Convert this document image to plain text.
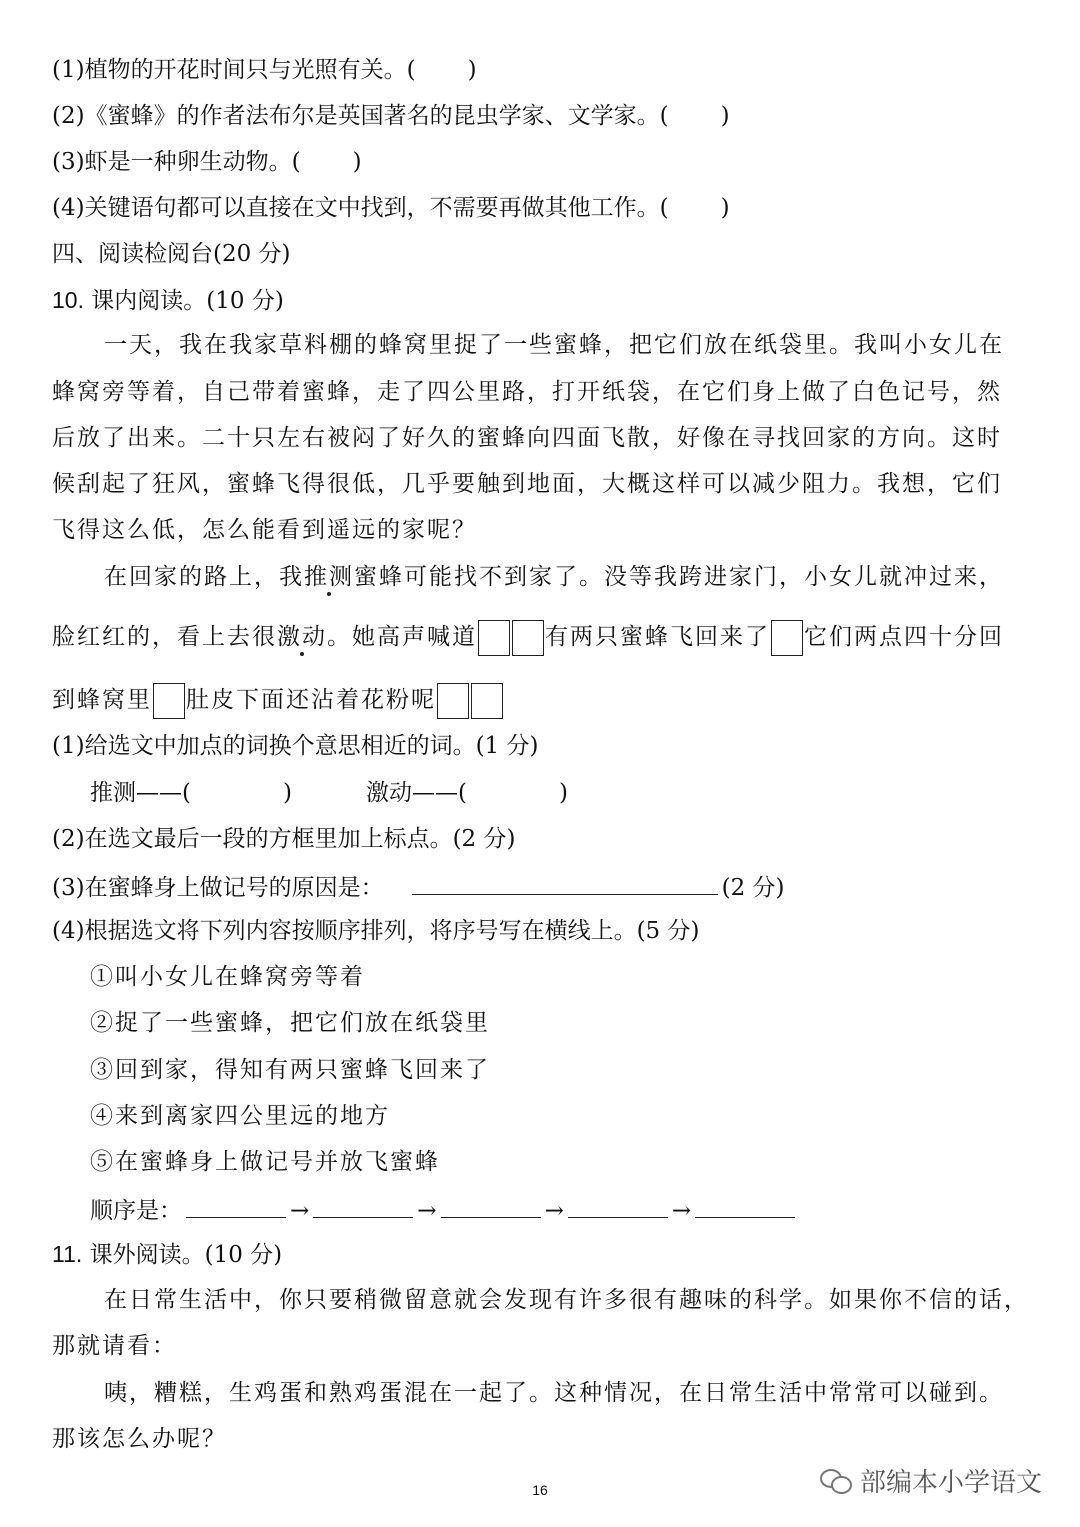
(1)植物的开花时间只与光照有关。( )
(2)《蜜蜂》的作者法布尔是英国著名的昆虫学家、文学家。( )
(3)虾是一种卵生动物。( )
(4)关键语句都可以直接在文中找到，不需要再做其他工作。( )
四、阅读检阅台(20 分)
10. 课内阅读。(10 分)
一天，我在我家草料棚的蜂窝里捉了一些蜜蜂，把它们放在纸袋里。我叫小女儿在
蜂窝旁等着，自己带着蜜蜂，走了四公里路，打开纸袋，在它们身上做了白色记号，然
后放了出来。二十只左右被闷了好久的蜜蜂向四面飞散，好像在寻找回家的方向。这时
候刮起了狂风，蜜蜂飞得很低，几乎要触到地面，大概这样可以减少阻力。我想，它们
飞得这么低，怎么能看到遥远的家呢？
在回家的路上，我推测蜜蜂可能找不到家了。没等我跨进家门，小女儿就冲过来，
脸红红的，看上去很激动。她高声喊道	有两只蜜蜂飞回来了 它们两点四十分回
到蜂窝里 肚皮下面还沾着花粉呢
(1)给选文中加点的词换个意思相近的词。(1 分)
推测——(	)	激动——(	)
(2)在选文最后一段的方框里加上标点。(2 分)
(3)在蜜蜂身上做记号的原因是：	(2 分)
(4)根据选文将下列内容按顺序排列，将序号写在横线上。(5 分)
①叫小女儿在蜂窝旁等着
②捉了一些蜜蜂，把它们放在纸袋里
③回到家，得知有两只蜜蜂飞回来了
④来到离家四公里远的地方
⑤在蜜蜂身上做记号并放飞蜜蜂
顺序是：	→	→	→	→
11. 课外阅读。(10 分)
在日常生活中，你只要稍微留意就会发现有许多很有趣味的科学。如果你不信的话，
那就请看：
咦，糟糕，生鸡蛋和熟鸡蛋混在一起了。这种情况，在日常生活中常常可以碰到。
那该怎么办呢？
16	部编本小学语文
